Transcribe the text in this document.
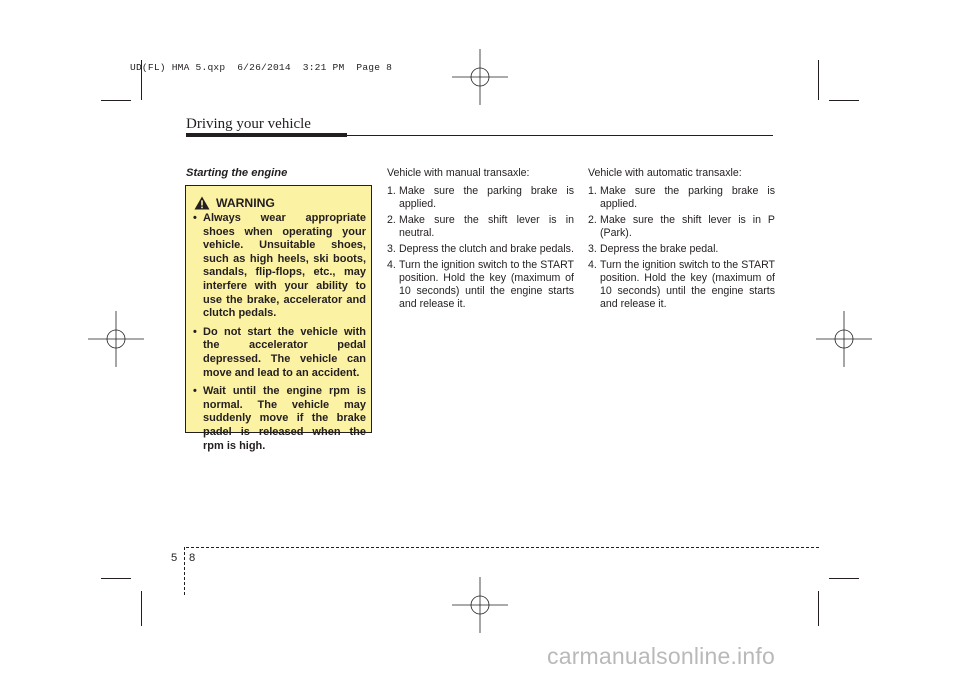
UD(FL) HMA 5.qxp  6/26/2014  3:21 PM  Page 8
Driving your vehicle
Starting the engine
WARNING
• Always wear appropriate shoes when operating your vehicle. Unsuitable shoes, such as high heels, ski boots, sandals, flip-flops, etc., may interfere with your ability to use the brake, accelerator and clutch pedals.
• Do not start the vehicle with the accelerator pedal depressed. The vehicle can move and lead to an accident.
• Wait until the engine rpm is normal. The vehicle may suddenly move if the brake padel is released when the rpm is high.
Vehicle with manual transaxle:
1. Make sure the parking brake is applied.
2. Make sure the shift lever is in neutral.
3. Depress the clutch and brake pedals.
4. Turn the ignition switch to the START position. Hold the key (maximum of 10 seconds) until the engine starts and release it.
Vehicle with automatic transaxle:
1. Make sure the parking brake is applied.
2. Make sure the shift lever is in P (Park).
3. Depress the brake pedal.
4. Turn the ignition switch to the START position. Hold the key (maximum of 10 seconds) until the engine starts and release it.
5 8
carmanualsonline.info
